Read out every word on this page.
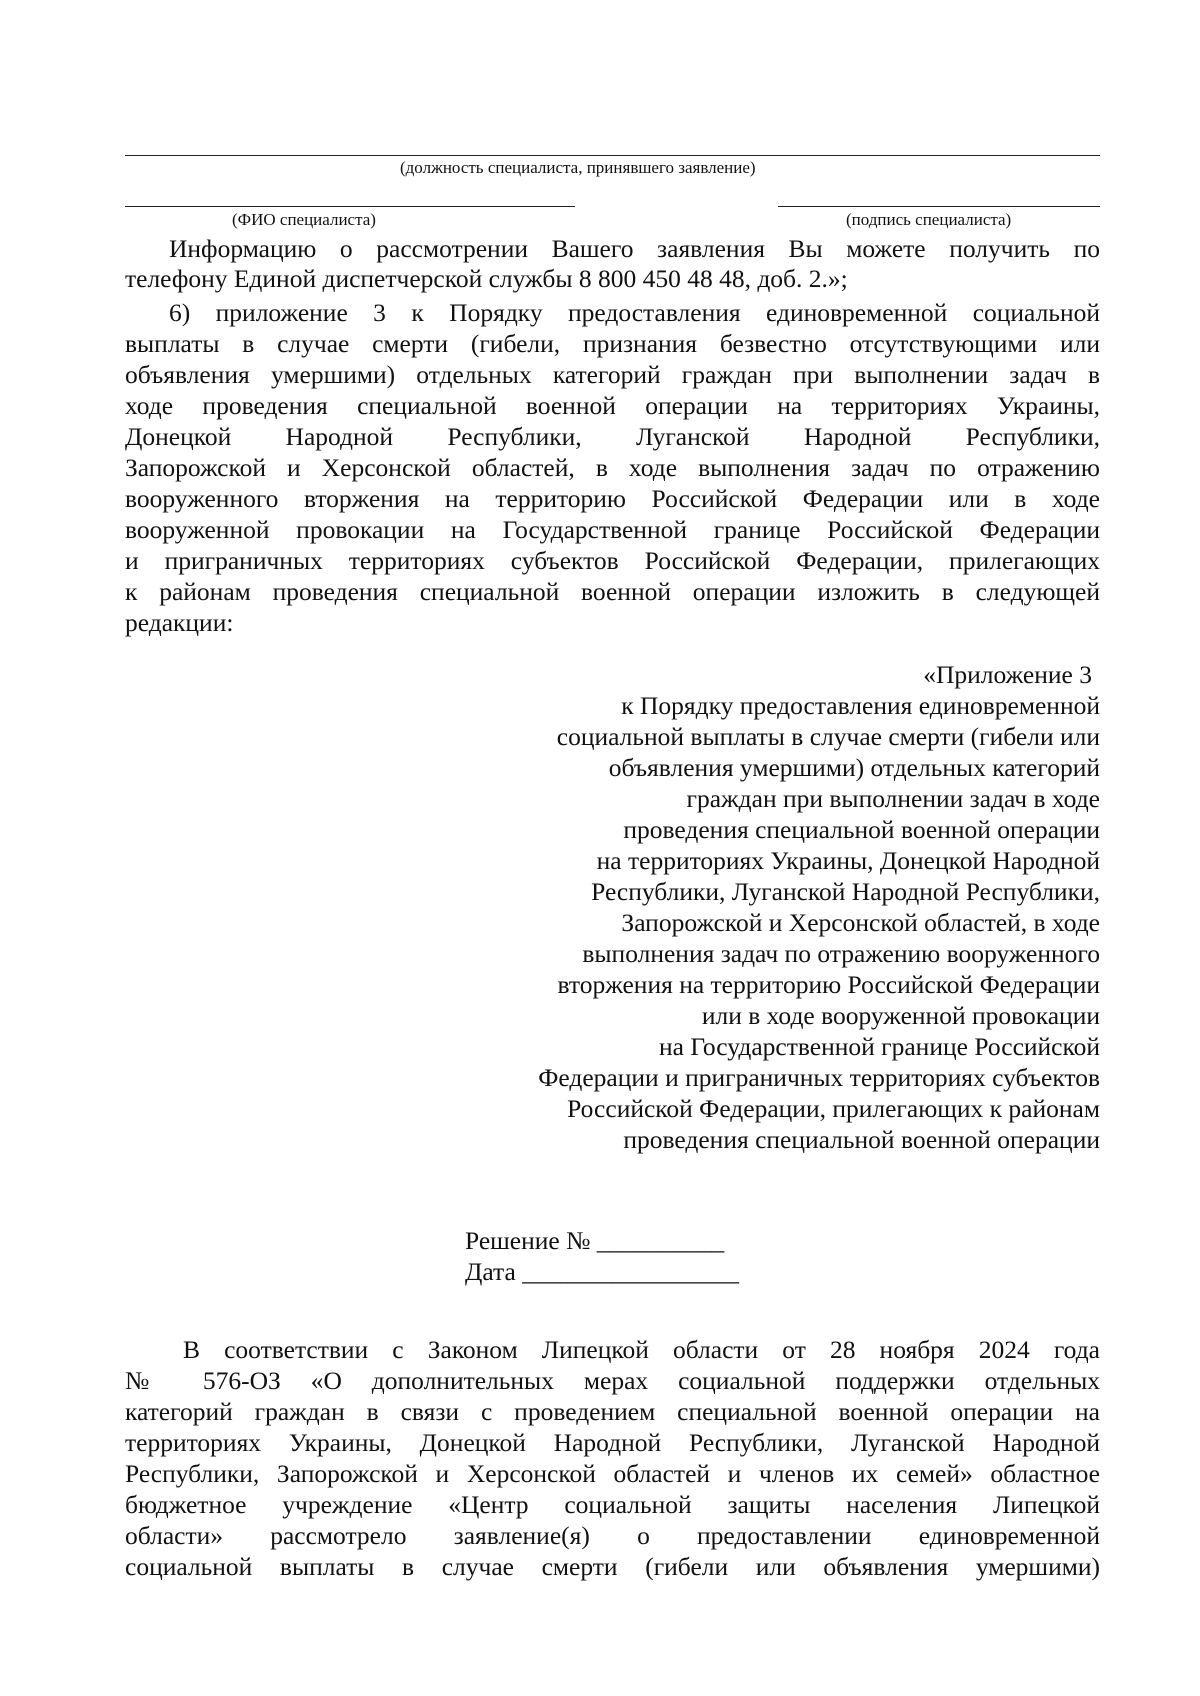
(должность специалиста, принявшего заявление)
(ФИО специалиста)	(подпись специалиста)
Информацию о рассмотрении Вашего заявления Вы можете получить по
телефону Единой диспетчерской службы 8 800 450 48 48, доб. 2.»;
6) приложение 3 к Порядку предоставления единовременной социальной
выплаты в случае смерти (гибели, признания безвестно отсутствующими или
объявления умершими) отдельных категорий граждан при выполнении задач в
ходе проведения специальной военной операции на территориях Украины,
Донецкой Народной Республики, Луганской Народной Республики,
Запорожской и Херсонской областей, в ходе выполнения задач по отражению
вооруженного вторжения на территорию Российской Федерации или в ходе
вооруженной провокации на Государственной границе Российской Федерации
и приграничных территориях субъектов Российской Федерации, прилегающих
к районам проведения специальной военной операции изложить в следующей
редакции:
«Приложение 3
к Порядку предоставления единовременной
социальной выплаты в случае смерти (гибели или
объявления умершими) отдельных категорий
граждан при выполнении задач в ходе
проведения специальной военной операции
на территориях Украины, Донецкой Народной
Республики, Луганской Народной Республики,
Запорожской и Херсонской областей, в ходе
выполнения задач по отражению вооруженного
вторжения на территорию Российской Федерации
или в ходе вооруженной провокации
на Государственной границе Российской
Федерации и приграничных территориях субъектов
Российской Федерации, прилегающих к районам
проведения специальной военной операции
Решение № __________
Дата _________________
В соответствии с Законом Липецкой области от 28 ноября 2024 года
№ 576-ОЗ «О дополнительных мерах социальной поддержки отдельных
категорий граждан в связи с проведением специальной военной операции на
территориях Украины, Донецкой Народной Республики, Луганской Народной
Республики, Запорожской и Херсонской областей и членов их семей» областное
бюджетное учреждение «Центр социальной защиты населения Липецкой
области» рассмотрело заявление(я) о предоставлении единовременной
социальной выплаты в случае смерти (гибели или объявления умершими)
